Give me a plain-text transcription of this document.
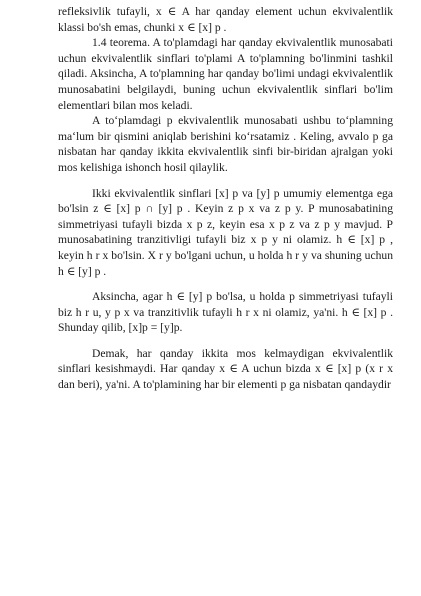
refleksivlik tufayli, x ∈ A har qanday element uchun ekvivalentlik klassi bo'sh emas, chunki x ∈ [x] p .

1.4 teorema. A to'plamdagi har qanday ekvivalentlik munosabati uchun ekvivalentlik sinflari to'plami A to'plamning bo'linmini tashkil qiladi. Aksincha, A to'plamning har qanday bo'limi undagi ekvivalentlik munosabatini belgilaydi, buning uchun ekvivalentlik sinflari bo'lim elementlari bilan mos keladi.

A to‘plamdagi p ekvivalentlik munosabati ushbu to‘plamning ma‘lum bir qismini aniqlab berishini ko‘rsatamiz . Keling, avvalo p ga nisbatan har qanday ikkita ekvivalentlik sinfi bir-biridan ajralgan yoki mos kelishiga ishonch hosil qilaylik.

Ikki ekvivalentlik sinflari [x] p va [y] p umumiy elementga ega bo'lsin z ∈ [x] p ∩ [y] p . Keyin z p x va z p y. P munosabatining simmetriyasi tufayli bizda x p z, keyin esa x p z va z p y mavjud. P munosabatining tranzitivligi tufayli biz x p y ni olamiz. h ∈ [x] p , keyin h r x bo'lsin. X r y bo'lgani uchun, u holda h r y va shuning uchun h ∈ [y] p .

Aksincha, agar h ∈ [y] p bo'lsa, u holda p simmetriyasi tufayli biz h r u, y p x va tranzitivlik tufayli h r x ni olamiz, ya'ni. h ∈ [x] p . Shunday qilib, [x]p = [y]p.

Demak, har qanday ikkita mos kelmaydigan ekvivalentlik sinflari kesishmaydi. Har qanday x ∈ A uchun bizda x ∈ [x] p (x r x dan beri), ya'ni. A to'plamining har bir elementi p ga nisbatan qandaydir
